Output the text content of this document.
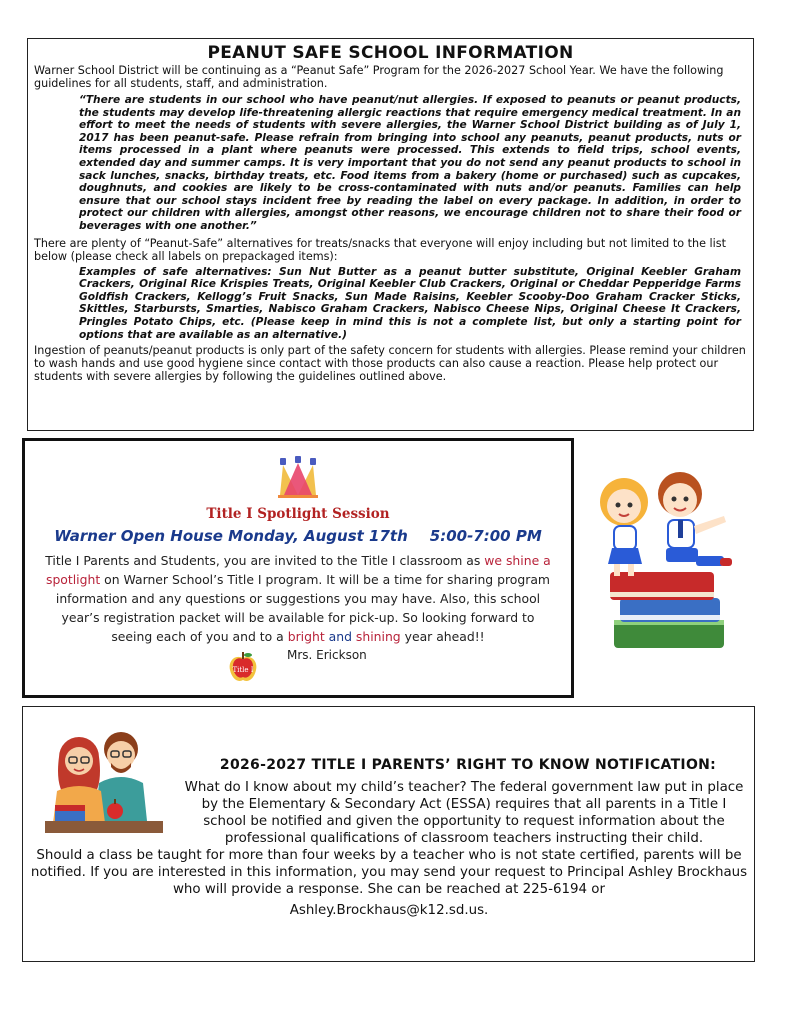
PEANUT SAFE SCHOOL INFORMATION

Warner School District will be continuing as a “Peanut Safe” Program for the 2026-2027 School Year. We have the following guidelines for all students, staff, and administration.

“There are students in our school who have peanut/nut allergies. If exposed to peanuts or peanut products, the students may develop life-threatening allergic reactions that require emergency medical treatment. In an effort to meet the needs of students with severe allergies, the Warner School District building as of July 1, 2017 has been peanut-safe. Please refrain from bringing into school any peanuts, peanut products, nuts or items processed in a plant where peanuts were processed. This extends to field trips, school events, extended day and summer camps. It is very important that you do not send any peanut products to school in sack lunches, snacks, birthday treats, etc. Food items from a bakery (home or purchased) such as cupcakes, doughnuts, and cookies are likely to be cross-contaminated with nuts and/or peanuts. Families can help ensure that our school stays incident free by reading the label on every package. In addition, in order to protect our children with allergies, amongst other reasons, we encourage children not to share their food or beverages with one another.”

There are plenty of “Peanut-Safe” alternatives for treats/snacks that everyone will enjoy including but not limited to the list below (please check all labels on prepackaged items):

Examples of safe alternatives: Sun Nut Butter as a peanut butter substitute, Original Keebler Graham Crackers, Original Rice Krispies Treats, Original Keebler Club Crackers, Original or Cheddar Pepperidge Farms Goldfish Crackers, Kellogg’s Fruit Snacks, Sun Made Raisins, Keebler Scooby-Doo Graham Cracker Sticks, Skittles, Starbursts, Smarties, Nabisco Graham Crackers, Nabisco Cheese Nips, Original Cheese It Crackers, Pringles Potato Chips, etc. (Please keep in mind this is not a complete list, but only a starting point for options that are available as an alternative.)

Ingestion of peanuts/peanut products is only part of the safety concern for students with allergies. Please remind your children to wash hands and use good hygiene since contact with those products can also cause a reaction. Please help protect our students with severe allergies by following the guidelines outlined above.

Title I Spotlight Session
Warner Open House Monday, August 17th 5:00-7:00 PM

Title I Parents and Students, you are invited to the Title I classroom as we shine a spotlight on Warner School’s Title I program. It will be a time for sharing program information and any questions or suggestions you may have. Also, this school year’s registration packet will be available for pick-up. So looking forward to seeing each of you and to a bright and shining year ahead!!

Title I
Mrs. Erickson
2026-2027 TITLE I PARENTS’ RIGHT TO KNOW NOTIFICATION:
What do I know about my child’s teacher? The federal government law put in place by the Elementary & Secondary Act (ESSA) requires that all parents in a Title I school be notified and given the opportunity to request information about the professional qualifications of classroom teachers instructing their child.
Should a class be taught for more than four weeks by a teacher who is not state certified, parents will be notified. If you are interested in this information, you may send your request to Principal Ashley Brockhaus who will provide a response. She can be reached at 225-6194 or
Ashley.Brockhaus@k12.sd.us.
